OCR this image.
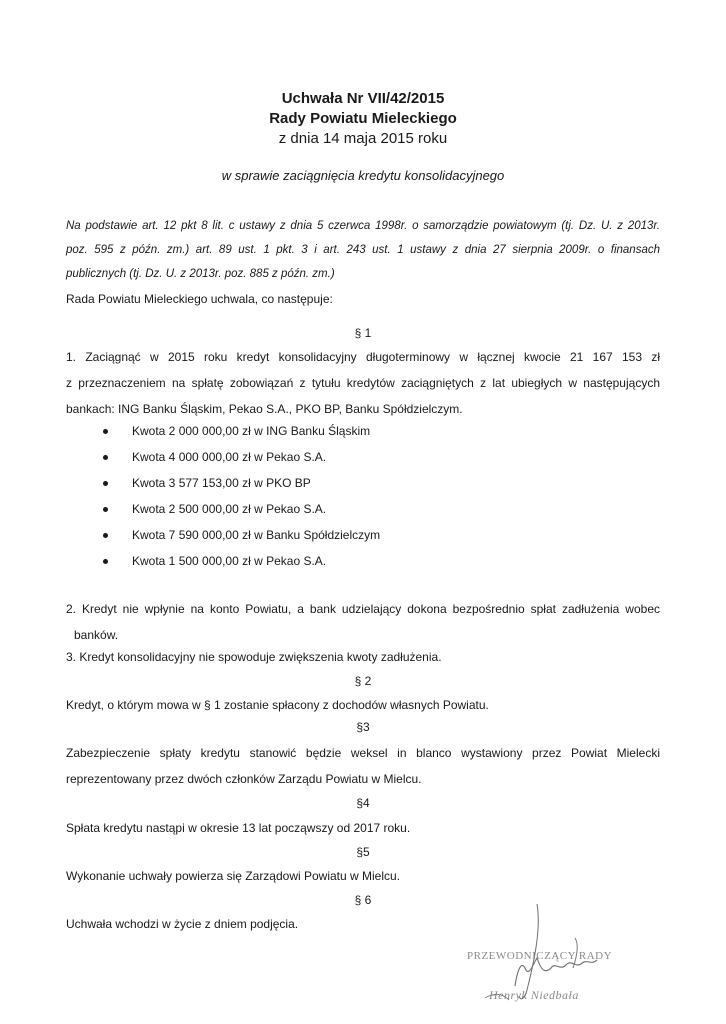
Uchwała Nr VII/42/2015
Rady Powiatu Mieleckiego
z dnia 14 maja 2015 roku
w sprawie zaciągnięcia kredytu konsolidacyjnego

Na podstawie art. 12 pkt 8 lit. c ustawy z dnia 5 czerwca 1998r. o samorządzie powiatowym (tj. Dz. U. z 2013r.

poz. 595 z późn. zm.) art. 89 ust. 1 pkt. 3 i art. 243 ust. 1 ustawy z dnia 27 sierpnia 2009r. o finansach

publicznych (tj. Dz. U. z 2013r. poz. 885 z późn. zm.)

Rada Powiatu Mieleckiego uchwala, co następuje:
§ 1

1. Zaciągnąć w 2015 roku kredyt konsolidacyjny długoterminowy w łącznej kwocie 21 167 153 zł

z przeznaczeniem na spłatę zobowiązań z tytułu kredytów zaciągniętych z lat ubiegłych w następujących

bankach: ING Banku Śląskim, Pekao S.A., PKO BP, Banku Spółdzielczym.

Kwota 2 000 000,00 zł w ING Banku Śląskim
Kwota 4 000 000,00 zł w Pekao S.A.
Kwota 3 577 153,00 zł w PKO BP
Kwota 2 500 000,00 zł w Pekao S.A.
Kwota 7 590 000,00 zł w Banku Spółdzielczym
Kwota 1 500 000,00 zł w Pekao S.A.

2. Kredyt nie wpłynie na konto Powiatu, a bank udzielający dokona bezpośrednio spłat zadłużenia wobec

banków.

3. Kredyt konsolidacyjny nie spowoduje zwiększenia kwoty zadłużenia.
§ 2
Kredyt, o którym mowa w § 1 zostanie spłacony z dochodów własnych Powiatu.
§3

Zabezpieczenie spłaty kredytu stanowić będzie weksel in blanco wystawiony przez Powiat Mielecki

reprezentowany przez dwóch członków Zarządu Powiatu w Mielcu.

§4
Spłata kredytu nastąpi w okresie 13 lat począwszy od 2017 roku.
§5
Wykonanie uchwały powierza się Zarządowi Powiatu w Mielcu.
§ 6
Uchwała wchodzi w życie z dniem podjęcia.
PRZEWODNICZĄCY RADY
Henryk Niedbała
